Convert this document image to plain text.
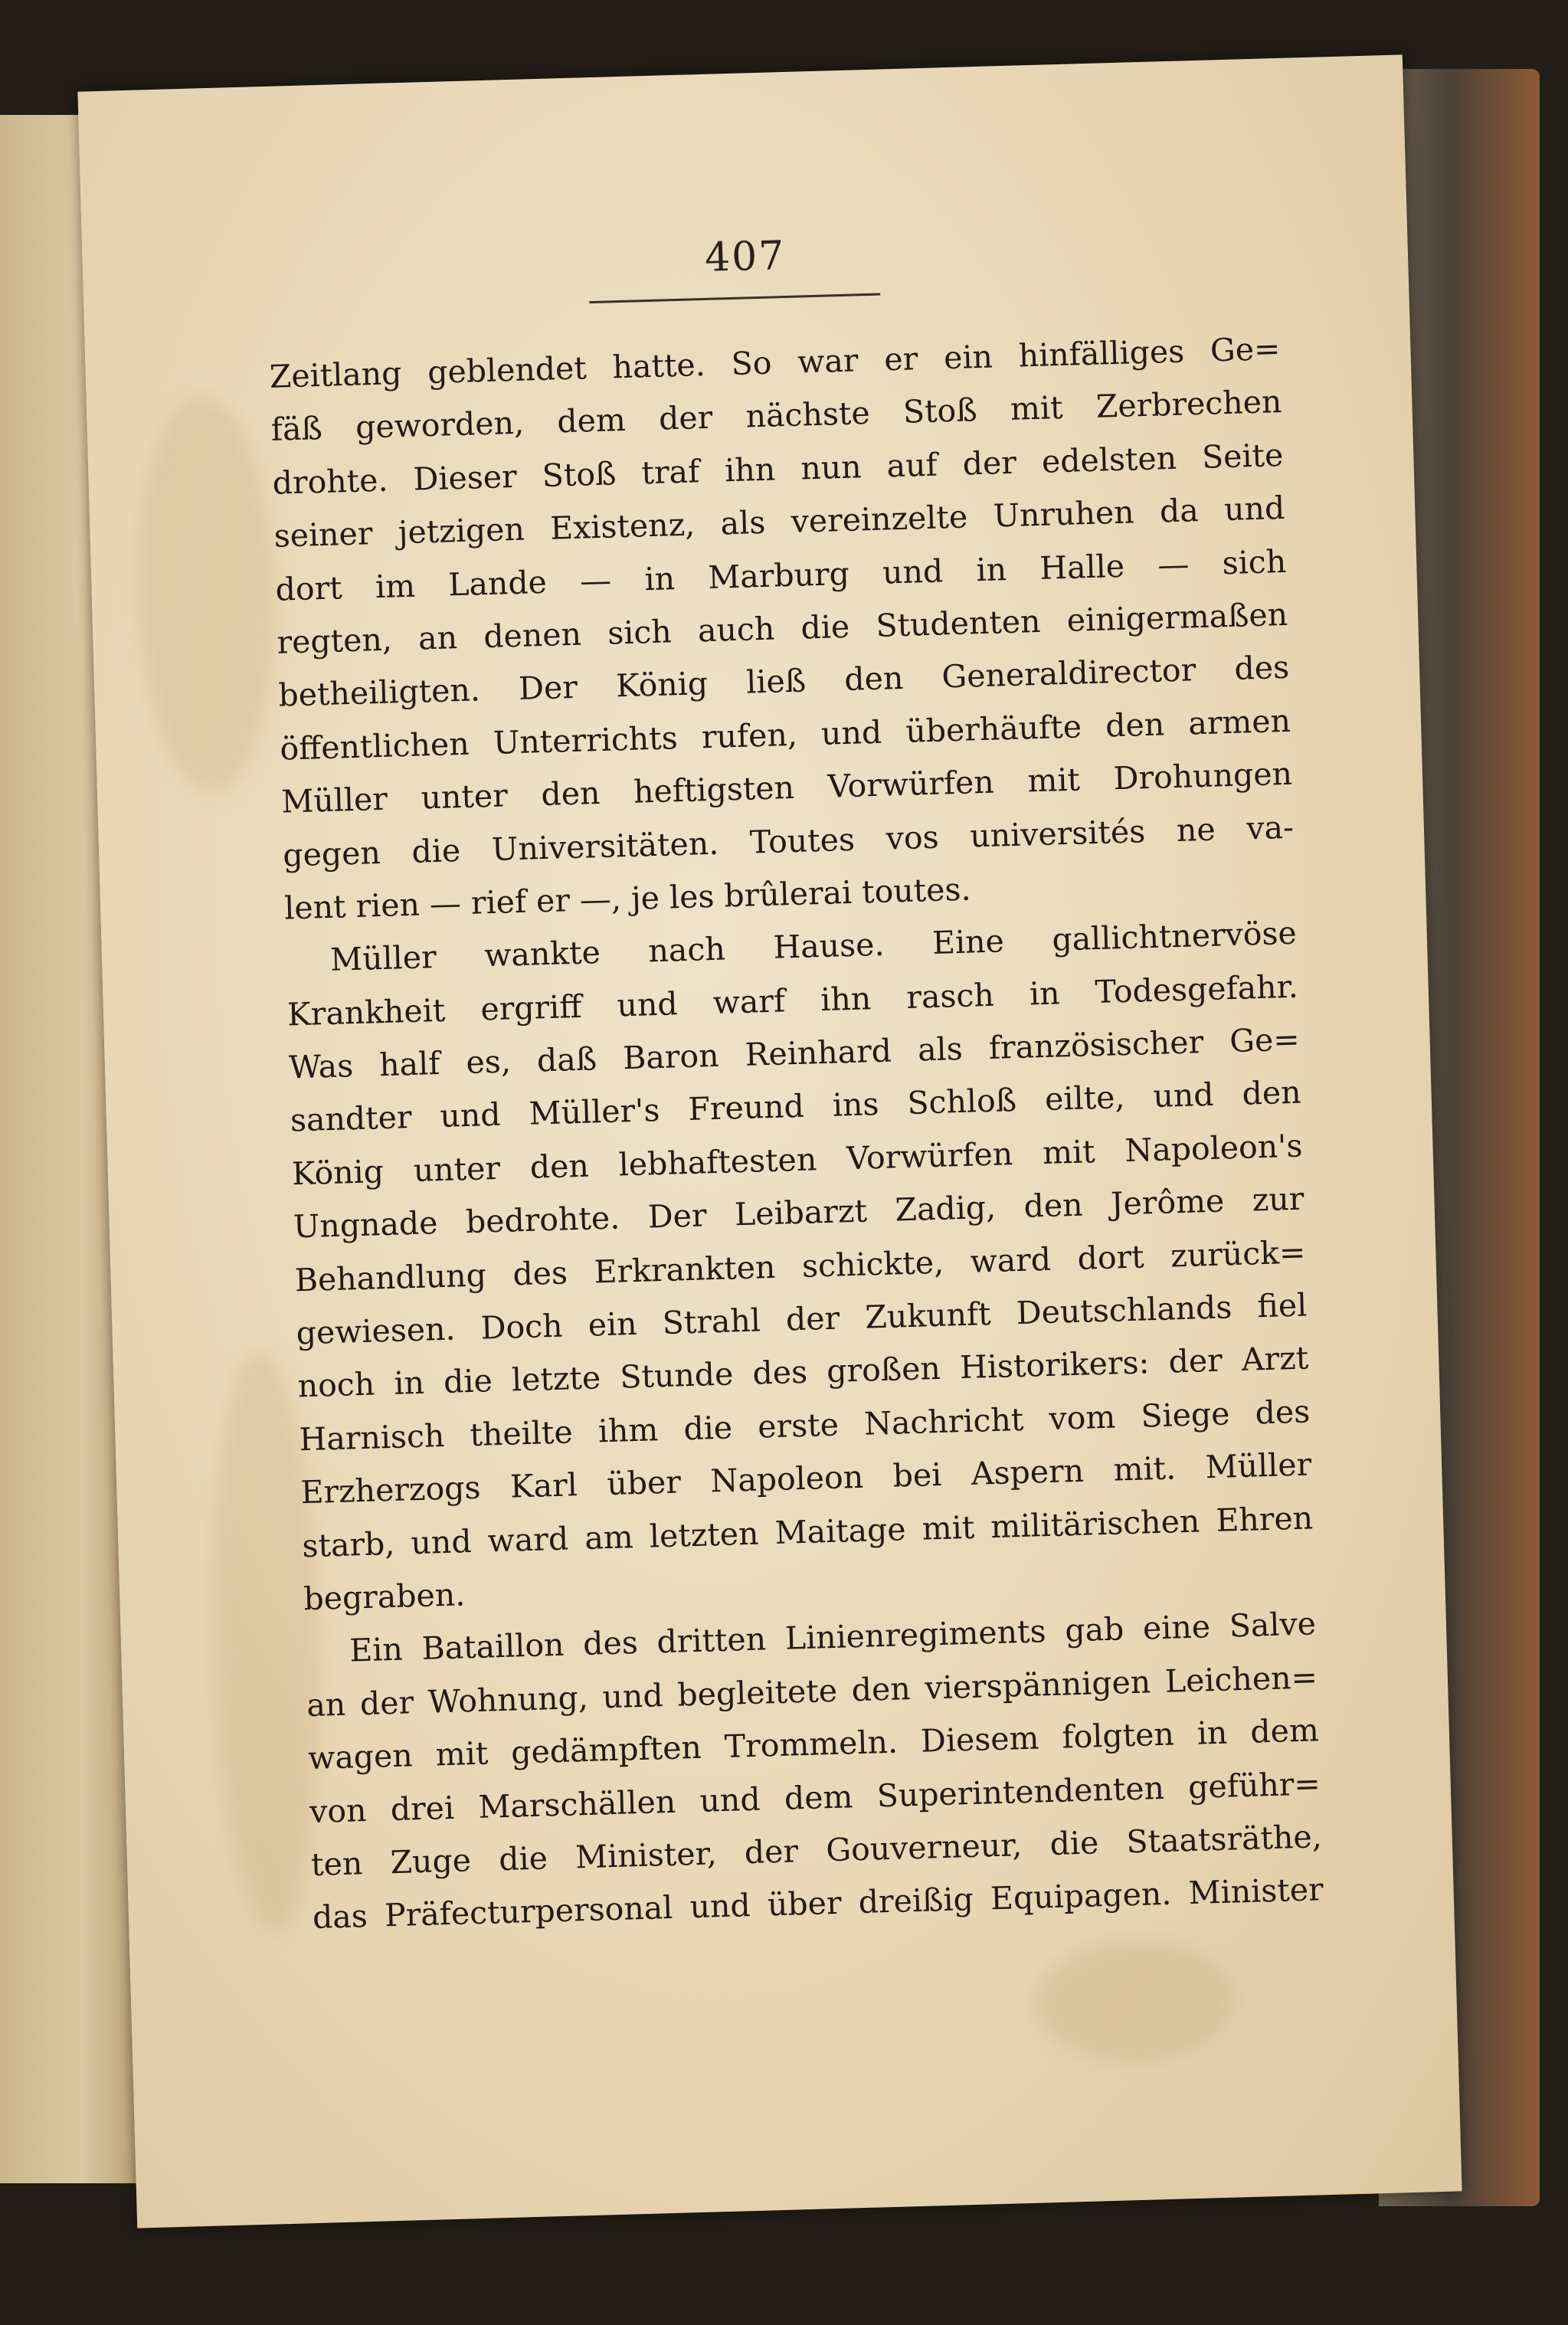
407
Zeitlang geblendet hatte. So war er ein hinfälliges Ge=
fäß geworden, dem der nächste Stoß mit Zerbrechen
drohte. Dieser Stoß traf ihn nun auf der edelsten Seite
seiner jetzigen Existenz, als vereinzelte Unruhen da und
dort im Lande — in Marburg und in Halle — sich
regten, an denen sich auch die Studenten einigermaßen
betheiligten. Der König ließ den Generaldirector des
öffentlichen Unterrichts rufen, und überhäufte den armen
Müller unter den heftigsten Vorwürfen mit Drohungen
gegen die Universitäten. Toutes vos universités ne va-
lent rien — rief er —, je les brûlerai toutes.
Müller wankte nach Hause. Eine gallichtnervöse
Krankheit ergriff und warf ihn rasch in Todesgefahr.
Was half es, daß Baron Reinhard als französischer Ge=
sandter und Müller's Freund ins Schloß eilte, und den
König unter den lebhaftesten Vorwürfen mit Napoleon's
Ungnade bedrohte. Der Leibarzt Zadig, den Jerôme zur
Behandlung des Erkrankten schickte, ward dort zurück=
gewiesen. Doch ein Strahl der Zukunft Deutschlands fiel
noch in die letzte Stunde des großen Historikers: der Arzt
Harnisch theilte ihm die erste Nachricht vom Siege des
Erzherzogs Karl über Napoleon bei Aspern mit. Müller
starb, und ward am letzten Maitage mit militärischen Ehren
begraben.
Ein Bataillon des dritten Linienregiments gab eine Salve
an der Wohnung, und begleitete den vierspännigen Leichen=
wagen mit gedämpften Trommeln. Diesem folgten in dem
von drei Marschällen und dem Superintendenten geführ=
ten Zuge die Minister, der Gouverneur, die Staatsräthe,
das Präfecturpersonal und über dreißig Equipagen. Minister
